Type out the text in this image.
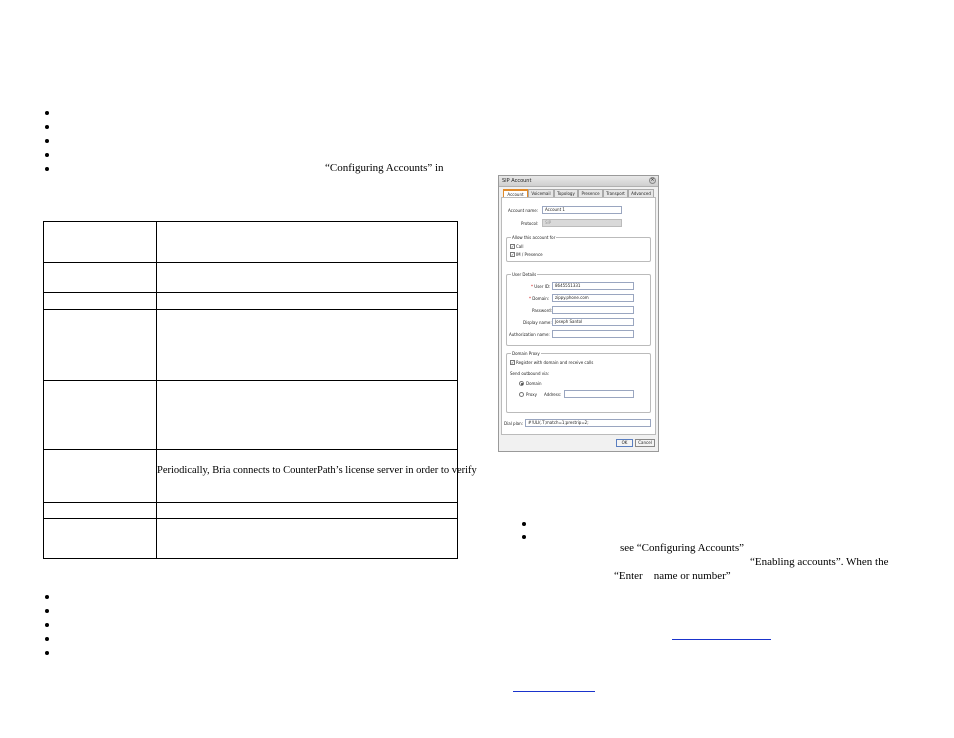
“Configuring Accounts” in
Periodically, Bria connects to CounterPath’s license server in order to verify
SIP Account	×
Account	Voicemail	Topology	Presence	Transport	Advanced
Account name:	Account 1
Protocol:	SIP
Allow this account for
✓ Call
✓ IM / Presence
User Details
* User ID:	8645551331
* Domain:	zippy.phone.com
Password:
Display name: Joseph Santol
Authorization name:
Domain Proxy
✓ Register with domain and receive calls
Send outbound via:
Domain
Proxy Address:
Dial plan:	#!ULI(.T;match=1;prestrip=2;
OK	Cancel
see “Configuring Accounts”
“Enabling accounts”. When the
“Enter    name or number”
